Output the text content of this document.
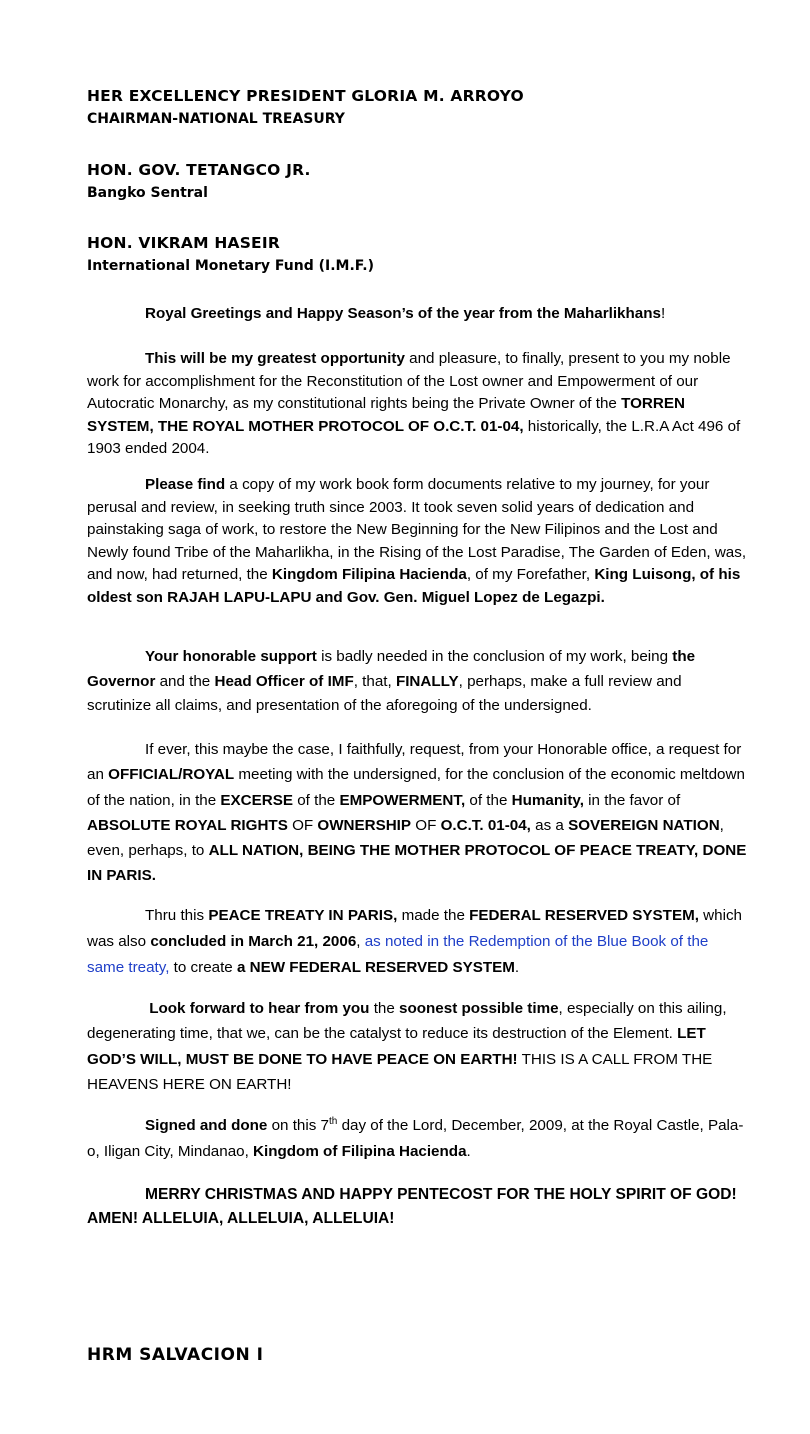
HER EXCELLENCY PRESIDENT GLORIA M. ARROYO
CHAIRMAN-NATIONAL TREASURY

HON. GOV. TETANGCO JR.
Bangko Sentral

HON. VIKRAM HASEIR
International Monetary Fund (I.M.F.)

Royal Greetings and Happy Season’s of the year from the Maharlikhans!

This will be my greatest opportunity and pleasure, to finally, present to you my noble work for accomplishment for the Reconstitution of the Lost owner and Empowerment of our Autocratic Monarchy, as my constitutional rights being the Private Owner of the TORREN SYSTEM, THE ROYAL MOTHER PROTOCOL OF O.C.T. 01-04, historically, the L.R.A Act 496 of 1903 ended 2004.

Please find a copy of my work book form documents relative to my journey, for your perusal and review, in seeking truth since 2003. It took seven solid years of dedication and painstaking saga of work, to restore the New Beginning for the New Filipinos and the Lost and Newly found Tribe of the Maharlikha, in the Rising of the Lost Paradise, The Garden of Eden, was, and now, had returned, the Kingdom Filipina Hacienda, of my Forefather, King Luisong, of his oldest son RAJAH LAPU-LAPU and Gov. Gen. Miguel Lopez de Legazpi.

Your honorable support is badly needed in the conclusion of my work, being the Governor and the Head Officer of IMF, that, FINALLY, perhaps, make a full review and scrutinize all claims, and presentation of the aforegoing of the undersigned.

If ever, this maybe the case, I faithfully, request, from your Honorable office, a request for an OFFICIAL/ROYAL meeting with the undersigned, for the conclusion of the economic meltdown of the nation, in the EXCERSE of the EMPOWERMENT, of the Humanity, in the favor of ABSOLUTE ROYAL RIGHTS OF OWNERSHIP OF O.C.T. 01-04, as a SOVEREIGN NATION, even, perhaps, to ALL NATION, BEING THE MOTHER PROTOCOL OF PEACE TREATY, DONE IN PARIS.

Thru this PEACE TREATY IN PARIS, made the FEDERAL RESERVED SYSTEM, which was also concluded in March 21, 2006, as noted in the Redemption of the Blue Book of the same treaty, to create a NEW FEDERAL RESERVED SYSTEM.

Look forward to hear from you the soonest possible time, especially on this ailing, degenerating time, that we, can be the catalyst to reduce its destruction of the Element. LET GOD’S WILL, MUST BE DONE TO HAVE PEACE ON EARTH! THIS IS A CALL FROM THE HEAVENS HERE ON EARTH!

Signed and done on this 7th day of the Lord, December, 2009, at the Royal Castle, Pala-o, Iligan City, Mindanao, Kingdom of Filipina Hacienda.

MERRY CHRISTMAS AND HAPPY PENTECOST FOR THE HOLY SPIRIT OF GOD! AMEN! ALLELUIA, ALLELUIA, ALLELUIA!

HRM SALVACION I
